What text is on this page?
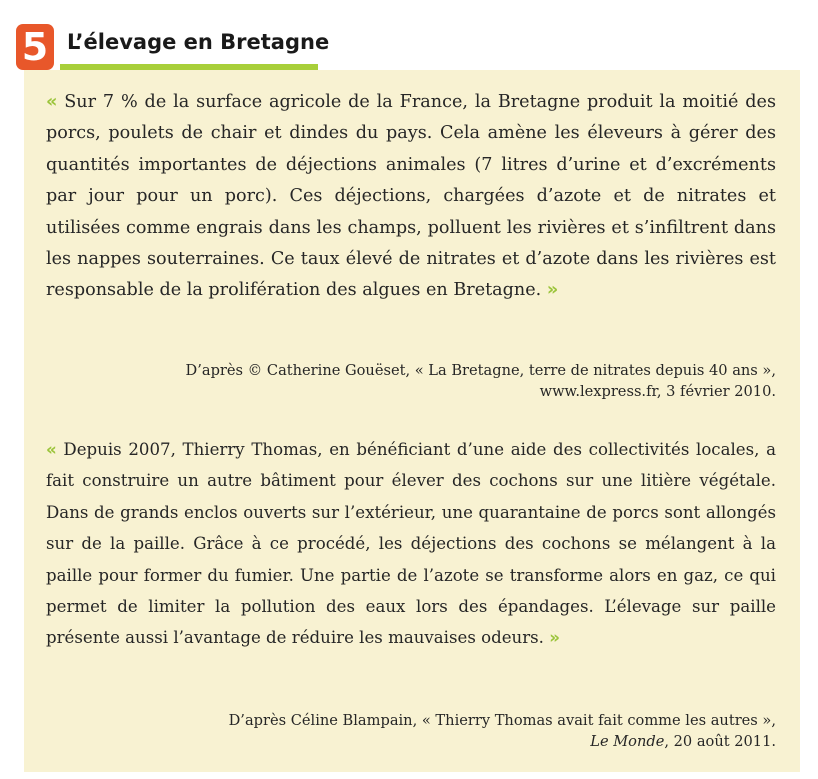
5 L’élevage en Bretagne

« Sur 7 % de la surface agricole de la France, la Bretagne produit la moitié des porcs, poulets de chair et dindes du pays. Cela amène les éleveurs à gérer des quantités importantes de déjections animales (7 litres d’urine et d’excréments par jour pour un porc). Ces déjections, chargées d’azote et de nitrates et utilisées comme engrais dans les champs, polluent les rivières et s’infiltrent dans les nappes souterraines. Ce taux élevé de nitrates et d’azote dans les rivières est responsable de la prolifération des algues en Bretagne. »

D’après © Catherine Gouëset, « La Bretagne, terre de nitrates depuis 40 ans »,
www.lexpress.fr, 3 février 2010.

« Depuis 2007, Thierry Thomas, en bénéficiant d’une aide des collectivités locales, a fait construire un autre bâtiment pour élever des cochons sur une litière végétale. Dans de grands enclos ouverts sur l’extérieur, une quarantaine de porcs sont allongés sur de la paille. Grâce à ce procédé, les déjections des cochons se mélangent à la paille pour former du fumier. Une partie de l’azote se transforme alors en gaz, ce qui permet de limiter la pollution des eaux lors des épandages. L’élevage sur paille présente aussi l’avantage de réduire les mauvaises odeurs. »

D’après Céline Blampain, « Thierry Thomas avait fait comme les autres »,
Le Monde, 20 août 2011.
